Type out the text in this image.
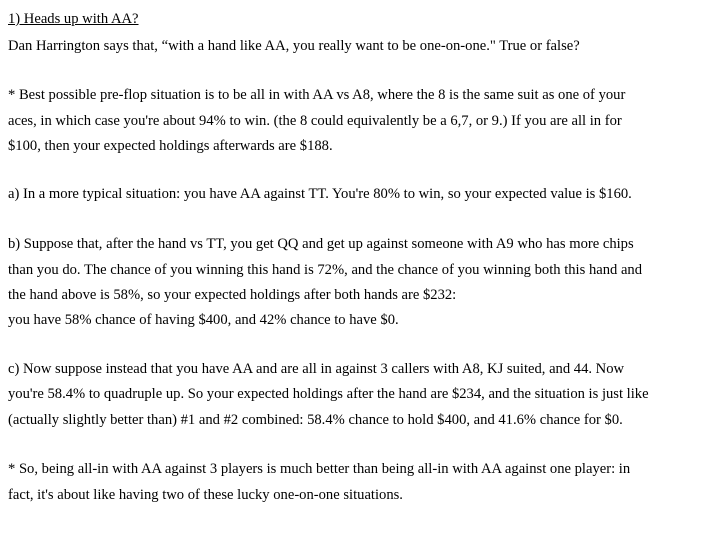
1) Heads up with AA?
Dan Harrington says that, “with a hand like AA, you really want to be one-on-one." True or false?
* Best possible pre-flop situation is to be all in with AA vs A8, where the 8 is the same suit as one of your
aces, in which case you're about 94% to win. (the 8 could equivalently be a 6,7, or 9.) If you are all in for
$100, then your expected holdings afterwards are $188.
a) In a more typical situation: you have AA against TT. You're 80% to win, so your expected value is $160.
b) Suppose that, after the hand vs TT, you get QQ and get up against someone with A9 who has more chips
than you do. The chance of you winning this hand is 72%, and the chance of you winning both this hand and
the hand above is 58%, so your expected holdings after both hands are $232:
you have 58% chance of having $400, and 42% chance to have $0.
c) Now suppose instead that you have AA and are all in against 3 callers with A8, KJ suited, and 44. Now
you're 58.4% to quadruple up. So your expected holdings after the hand are $234, and the situation is just like
(actually slightly better than) #1 and #2 combined: 58.4% chance to hold $400, and 41.6% chance for $0.
* So, being all-in with AA against 3 players is much better than being all-in with AA against one player: in
fact, it's about like having two of these lucky one-on-one situations.
